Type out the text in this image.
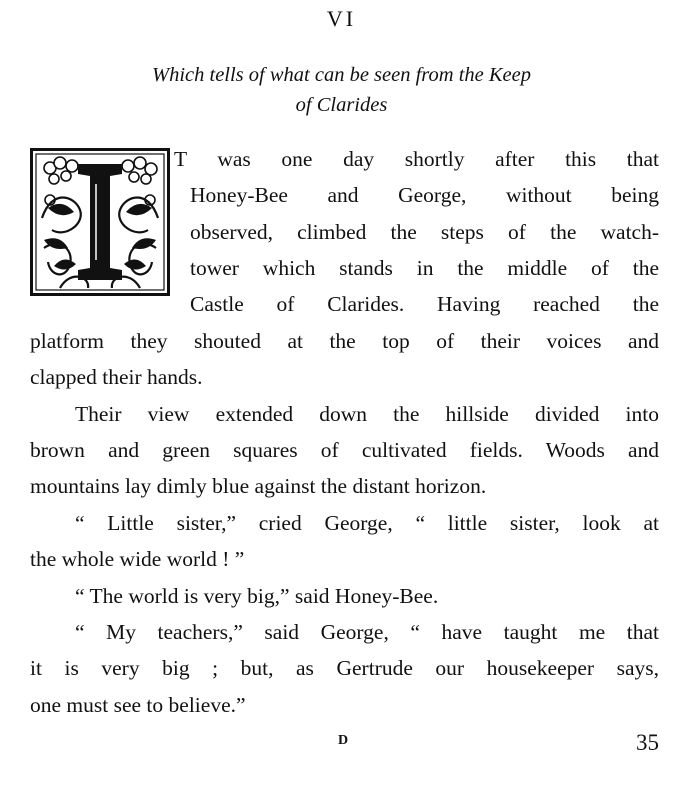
VI
Which tells of what can be seen from the Keep
of Clarides
T was one day shortly after this that
Honey-Bee and George, without being
observed, climbed the steps of the watch-
tower which stands in the middle of the
Castle of Clarides. Having reached the
platform they shouted at the top of their voices and
clapped their hands.
Their view extended down the hillside divided into
brown and green squares of cultivated fields. Woods and
mountains lay dimly blue against the distant horizon.
“ Little sister,” cried George, “ little sister, look at
the whole wide world ! ”
“ The world is very big,” said Honey-Bee.
“ My teachers,” said George, “ have taught me that
it is very big ; but, as Gertrude our housekeeper says,
one must see to believe.”
D	35
